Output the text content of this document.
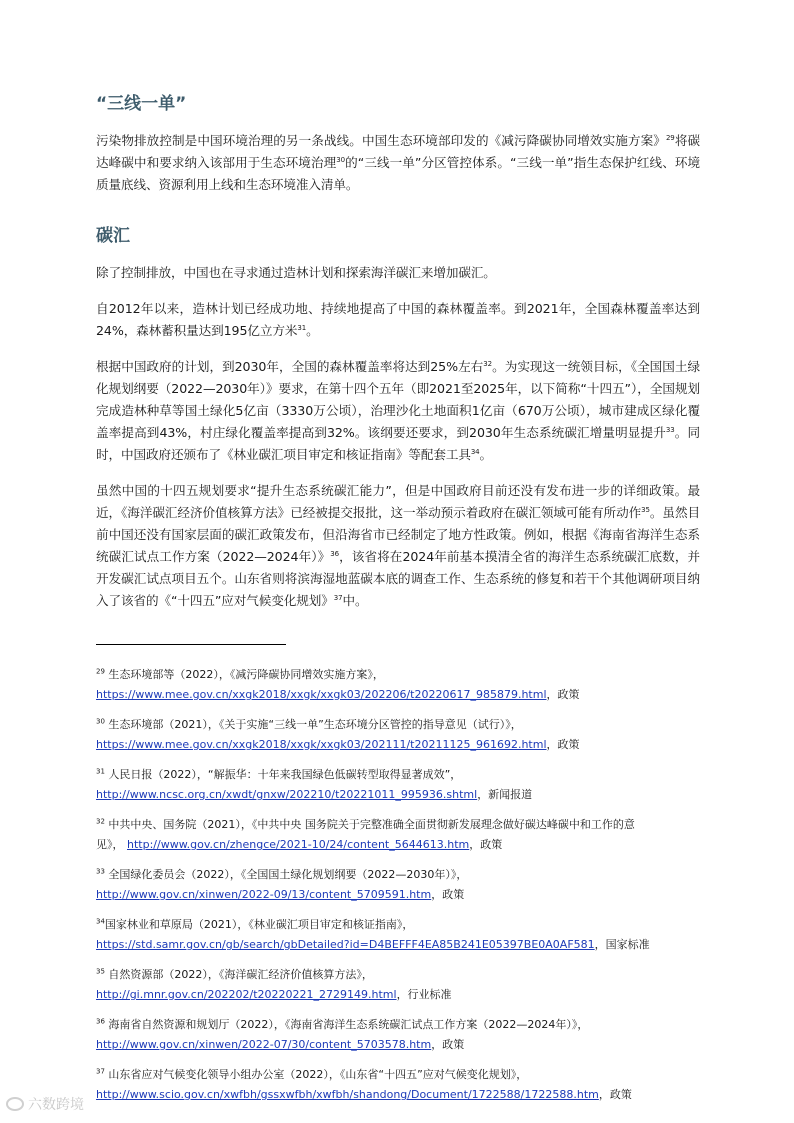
“三线一单”

污染物排放控制是中国环境治理的另一条战线。中国生态环境部印发的《减污降碳协同增效实施方案》$^{29}$将碳达峰碳中和要求纳入该部用于生态环境治理$^{30}$的“三线一单”分区管控体系。“三线一单”指生态保护红线、环境质量底线、资源利用上线和生态环境准入清单。

碳汇

除了控制排放，中国也在寻求通过造林计划和探索海洋碳汇来增加碳汇。

自2012年以来，造林计划已经成功地、持续地提高了中国的森林覆盖率。到2021年，全国森林覆盖率达到24%，森林蓄积量达到195亿立方米$^{31}$。

根据中国政府的计划，到2030年，全国的森林覆盖率将达到25%左右$^{32}$。为实现这一统领目标，《全国国土绿化规划纲要（2022—2030年）》要求，在第十四个五年（即2021至2025年，以下简称“十四五”），全国规划完成造林种草等国土绿化5亿亩（3330万公顷），治理沙化土地面积1亿亩（670万公顷），城市建成区绿化覆盖率提高到43%，村庄绿化覆盖率提高到32%。该纲要还要求，到2030年生态系统碳汇增量明显提升$^{33}$。同时，中国政府还颁布了《林业碳汇项目审定和核证指南》等配套工具$^{34}$。

虽然中国的十四五规划要求“提升生态系统碳汇能力”，但是中国政府目前还没有发布进一步的详细政策。最近，《海洋碳汇经济价值核算方法》已经被提交报批，这一举动预示着政府在碳汇领域可能有所动作$^{35}$。虽然目前中国还没有国家层面的碳汇政策发布，但沿海省市已经制定了地方性政策。例如，根据《海南省海洋生态系统碳汇试点工作方案（2022—2024年）》$^{36}$，该省将在2024年前基本摸清全省的海洋生态系统碳汇底数，并开发碳汇试点项目五个。山东省则将滨海湿地蓝碳本底的调查工作、生态系统的修复和若干个其他调研项目纳入了该省的《“十四五”应对气候变化规划》$^{37}$中。

$^{29}$ 生态环境部等（2022），《减污降碳协同增效实施方案》，
https://www.mee.gov.cn/xxgk2018/xxgk/xxgk03/202206/t20220617_985879.html，政策
$^{30}$ 生态环境部（2021），《关于实施“三线一单”生态环境分区管控的指导意见（试行）》，
https://www.mee.gov.cn/xxgk2018/xxgk/xxgk03/202111/t20211125_961692.html，政策
$^{31}$ 人民日报（2022），“解振华：十年来我国绿色低碳转型取得显著成效”，
http://www.ncsc.org.cn/xwdt/gnxw/202210/t20221011_995936.shtml，新闻报道
$^{32}$ 中共中央、国务院（2021），《中共中央 国务院关于完整准确全面贯彻新发展理念做好碳达峰碳中和工作的意见》， http://www.gov.cn/zhengce/2021-10/24/content_5644613.htm，政策
$^{33}$ 全国绿化委员会（2022），《全国国土绿化规划纲要（2022—2030年）》，
http://www.gov.cn/xinwen/2022-09/13/content_5709591.htm，政策
$^{34}$国家林业和草原局（2021），《林业碳汇项目审定和核证指南》，
https://std.samr.gov.cn/gb/search/gbDetailed?id=D4BEFFF4EA85B241E05397BE0A0AF581，国家标准
$^{35}$ 自然资源部（2022），《海洋碳汇经济价值核算方法》，
http://gi.mnr.gov.cn/202202/t20220221_2729149.html，行业标准
$^{36}$ 海南省自然资源和规划厅（2022），《海南省海洋生态系统碳汇试点工作方案（2022—2024年）》，
http://www.gov.cn/xinwen/2022-07/30/content_5703578.htm，政策
$^{37}$ 山东省应对气候变化领导小组办公室（2022），《山东省“十四五”应对气候变化规划》，
http://www.scio.gov.cn/xwfbh/gssxwfbh/xwfbh/shandong/Document/1722588/1722588.htm，政策
六数跨境
